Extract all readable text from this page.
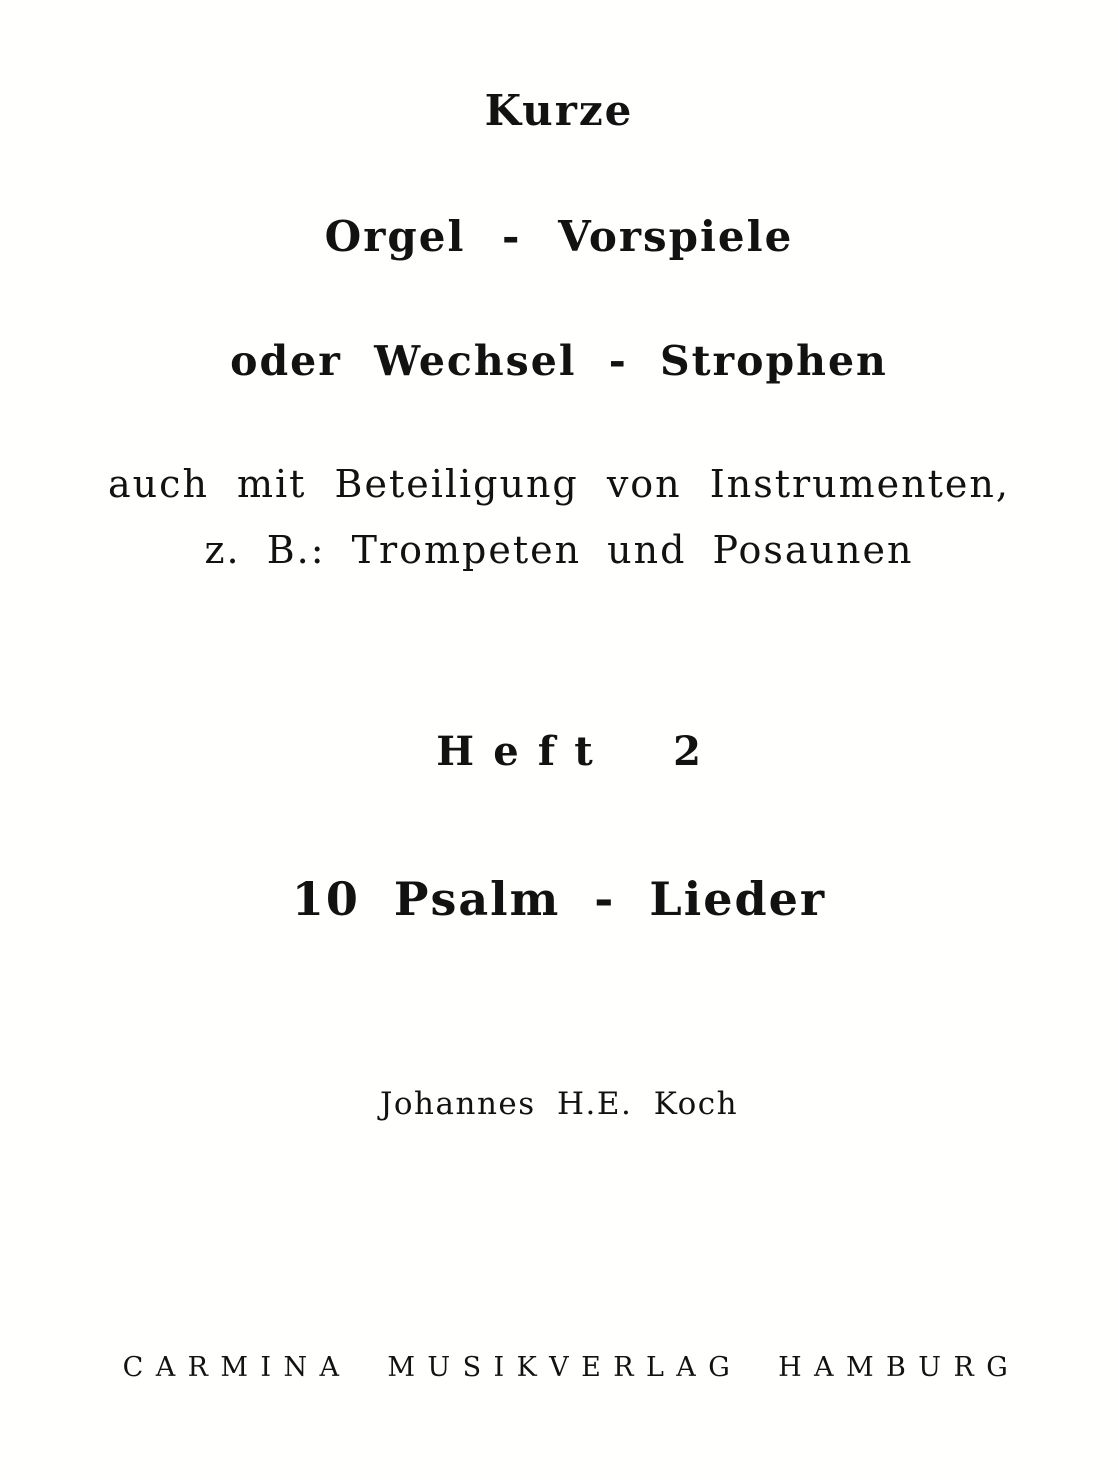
Kurze
Orgel - Vorspiele
oder Wechsel - Strophen
auch mit Beteiligung von Instrumenten,
z. B.: Trompeten und Posaunen
Heft 2
10 Psalm - Lieder
Johannes H.E. Koch
CARMINA MUSIKVERLAG HAMBURG
